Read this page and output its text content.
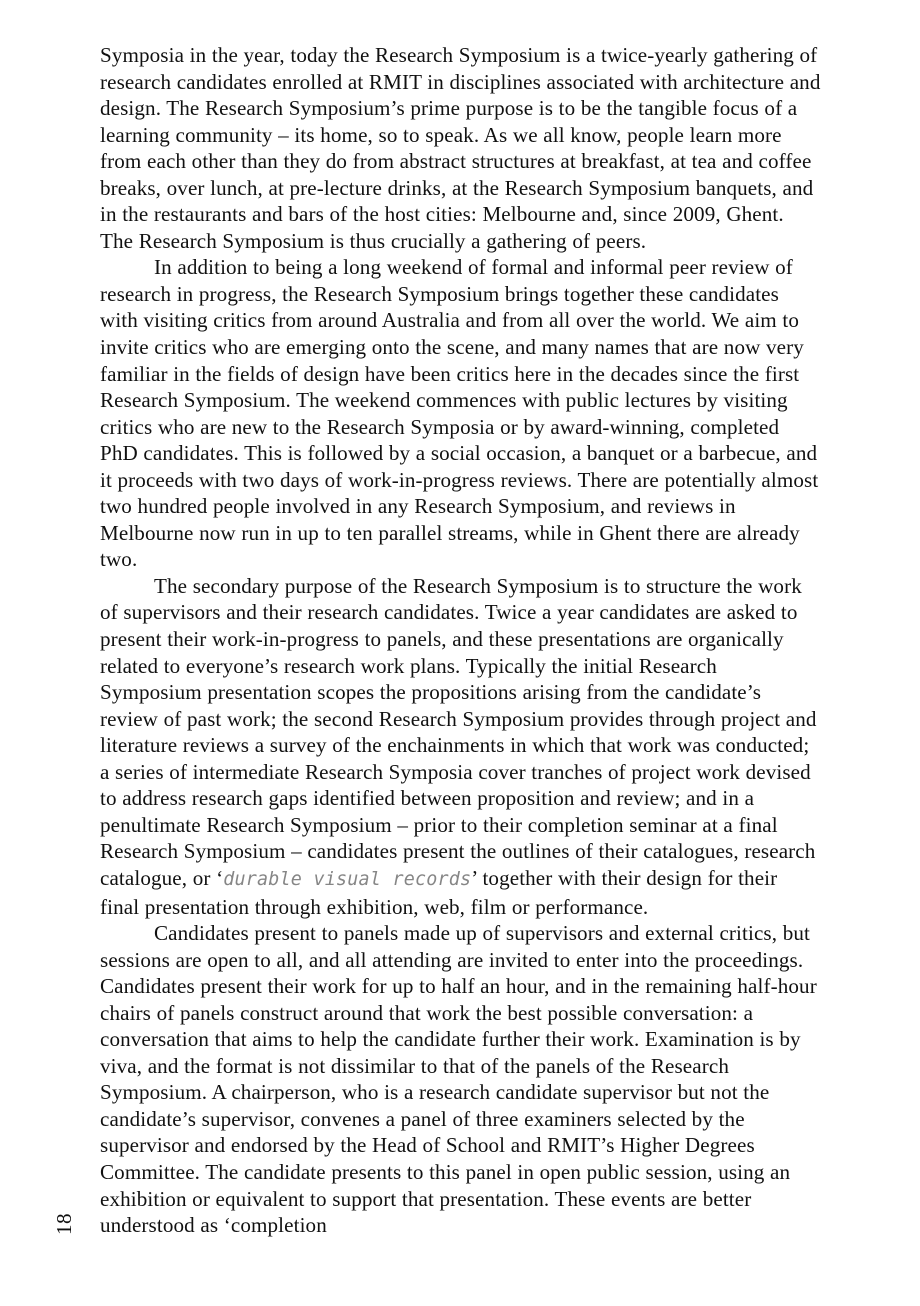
Symposia in the year, today the Research Symposium is a twice-yearly gathering of research candidates enrolled at RMIT in disciplines associated with architecture and design. The Research Symposium’s prime purpose is to be the tangible focus of a learning community – its home, so to speak. As we all know, people learn more from each other than they do from abstract structures at breakfast, at tea and coffee breaks, over lunch, at pre-lecture drinks, at the Research Symposium banquets, and in the restaurants and bars of the host cities: Melbourne and, since 2009, Ghent. The Research Symposium is thus crucially a gathering of peers.

In addition to being a long weekend of formal and informal peer review of research in progress, the Research Symposium brings together these candidates with visiting critics from around Australia and from all over the world. We aim to invite critics who are emerging onto the scene, and many names that are now very familiar in the fields of design have been critics here in the decades since the first Research Symposium. The weekend commences with public lectures by visiting critics who are new to the Research Symposia or by award-winning, completed PhD candidates. This is followed by a social occasion, a banquet or a barbecue, and it proceeds with two days of work-in-progress reviews. There are potentially almost two hundred people involved in any Research Symposium, and reviews in Melbourne now run in up to ten parallel streams, while in Ghent there are already two.

The secondary purpose of the Research Symposium is to structure the work of supervisors and their research candidates. Twice a year candidates are asked to present their work-in-progress to panels, and these presentations are organically related to everyone’s research work plans. Typically the initial Research Symposium presentation scopes the propositions arising from the candidate’s review of past work; the second Research Symposium provides through project and literature reviews a survey of the enchainments in which that work was conducted; a series of intermediate Research Symposia cover tranches of project work devised to address research gaps identified between proposition and review; and in a penultimate Research Symposium – prior to their completion seminar at a final Research Symposium – candidates present the outlines of their catalogues, research catalogue, or ‘durable visual records’ together with their design for their final presentation through exhibition, web, film or performance.

Candidates present to panels made up of supervisors and external critics, but sessions are open to all, and all attending are invited to enter into the proceedings. Candidates present their work for up to half an hour, and in the remaining half-hour chairs of panels construct around that work the best possible conversation: a conversation that aims to help the candidate further their work. Examination is by viva, and the format is not dissimilar to that of the panels of the Research Symposium. A chairperson, who is a research candidate supervisor but not the candidate’s supervisor, convenes a panel of three examiners selected by the supervisor and endorsed by the Head of School and RMIT’s Higher Degrees Committee. The candidate presents to this panel in open public session, using an exhibition or equivalent to support that presentation. These events are better understood as ‘completion

18
